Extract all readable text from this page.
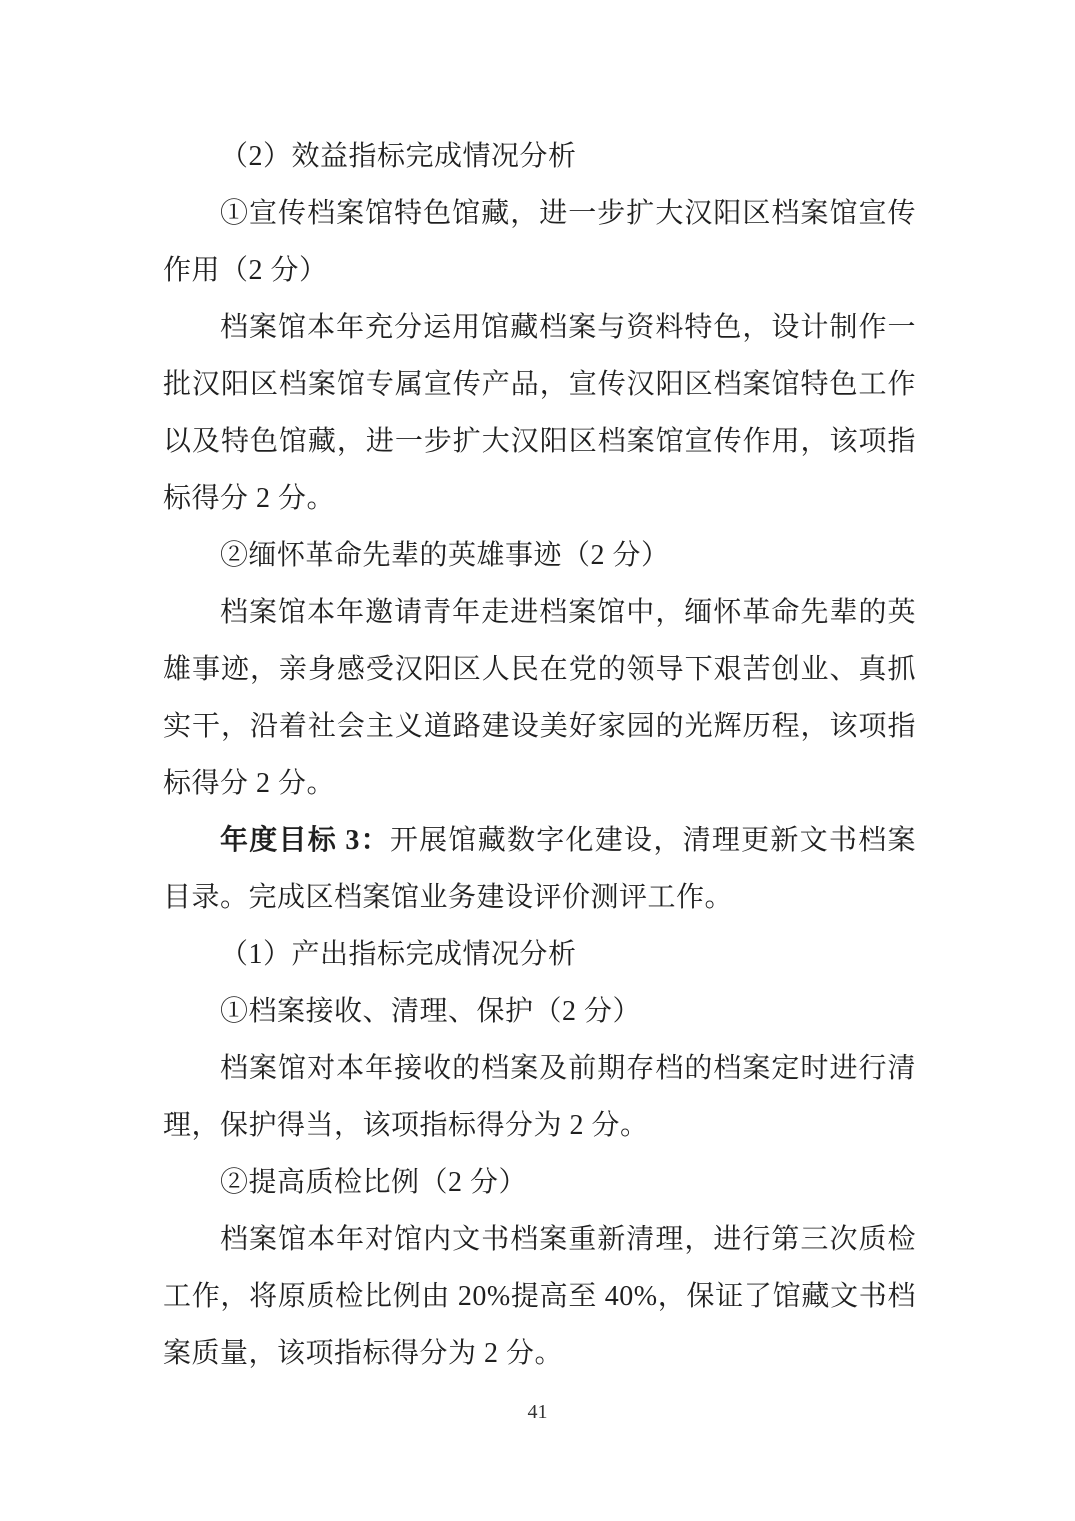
（2）效益指标完成情况分析

①宣传档案馆特色馆藏，进一步扩大汉阳区档案馆宣传作用（2 分）

档案馆本年充分运用馆藏档案与资料特色，设计制作一批汉阳区档案馆专属宣传产品，宣传汉阳区档案馆特色工作以及特色馆藏，进一步扩大汉阳区档案馆宣传作用，该项指标得分 2 分。

②缅怀革命先辈的英雄事迹（2 分）

档案馆本年邀请青年走进档案馆中，缅怀革命先辈的英雄事迹，亲身感受汉阳区人民在党的领导下艰苦创业、真抓实干，沿着社会主义道路建设美好家园的光辉历程，该项指标得分 2 分。

年度目标 3：开展馆藏数字化建设，清理更新文书档案目录。完成区档案馆业务建设评价测评工作。

（1）产出指标完成情况分析

①档案接收、清理、保护（2 分）

档案馆对本年接收的档案及前期存档的档案定时进行清理，保护得当，该项指标得分为 2 分。

②提高质检比例（2 分）

档案馆本年对馆内文书档案重新清理，进行第三次质检工作，将原质检比例由 20%提高至 40%，保证了馆藏文书档案质量，该项指标得分为 2 分。

41
